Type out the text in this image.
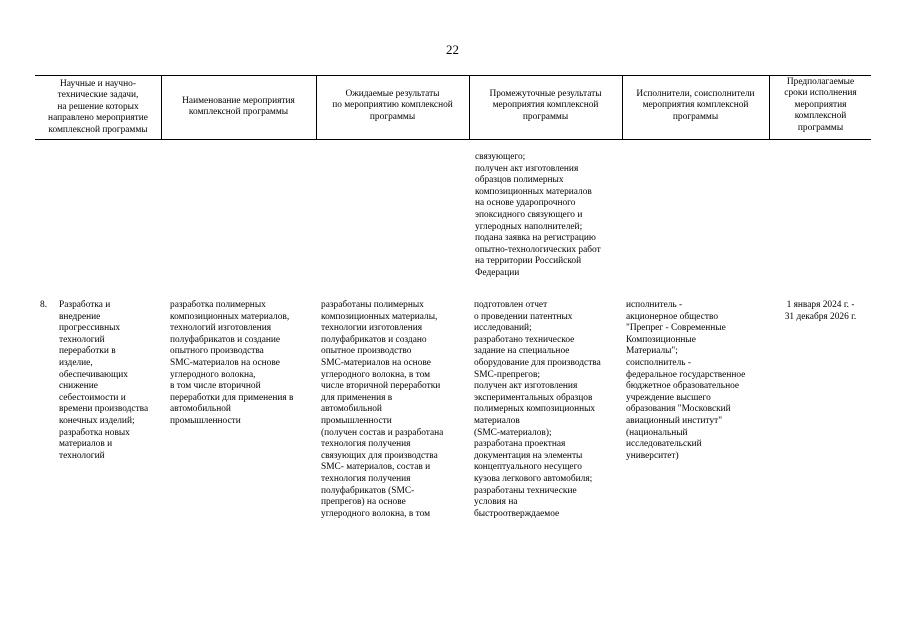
22
Научные и научно-
технические задачи,
на решение которых
направлено мероприятие
комплексной программы
Наименование мероприятия
комплексной программы
Ожидаемые результаты
по мероприятию комплексной
программы
Промежуточные результаты
мероприятия комплексной
программы
Исполнители, соисполнители
мероприятия комплексной
программы
Предполагаемые
сроки исполнения
мероприятия
комплексной
программы
связующего;
получен акт изготовления
образцов полимерных
композиционных материалов
на основе ударопрочного
эпоксидного связующего и
углеродных наполнителей;
подана заявка на регистрацию
опытно-технологических работ
на территории Российской
Федерации
8.	Разработка и
внедрение
прогрессивных
технологий
переработки в
изделие,
обеспечивающих
снижение
себестоимости и
времени производства
конечных изделий;
разработка новых
материалов и
технологий
разработка полимерных
композиционных материалов,
технологий изготовления
полуфабрикатов и создание
опытного производства
SMC-материалов на основе
углеродного волокна,
в том числе вторичной
переработки для применения в
автомобильной
промышленности
разработаны полимерных
композиционных материалы,
технологии изготовления
полуфабрикатов и создано
опытное производство
SMC-материалов на основе
углеродного волокна, в том
числе вторичной переработки
для применения в
автомобильной
промышленности
(получен состав и разработана
технология получения
связующих для производства
SMC- материалов, состав и
технология получения
полуфабрикатов (SMC-
препрегов) на основе
углеродного волокна, в том
подготовлен отчет
о проведении патентных
исследований;
разработано техническое
задание на специальное
оборудование для производства
SMC-препрегов;
получен акт изготовления
экспериментальных образцов
полимерных композиционных
материалов
(SMC-материалов);
разработана проектная
документация на элементы
концептуального несущего
кузова легкового автомобиля;
разработаны технические
условия на
быстроотверждаемое
исполнитель -
акционерное общество
"Препрег - Современные
Композиционные
Материалы";
соисполнитель -
федеральное государственное
бюджетное образовательное
учреждение высшего
образования "Московский
авиационный институт"
(национальный
исследовательский
университет)
1 января 2024 г. -
31 декабря 2026 г.
